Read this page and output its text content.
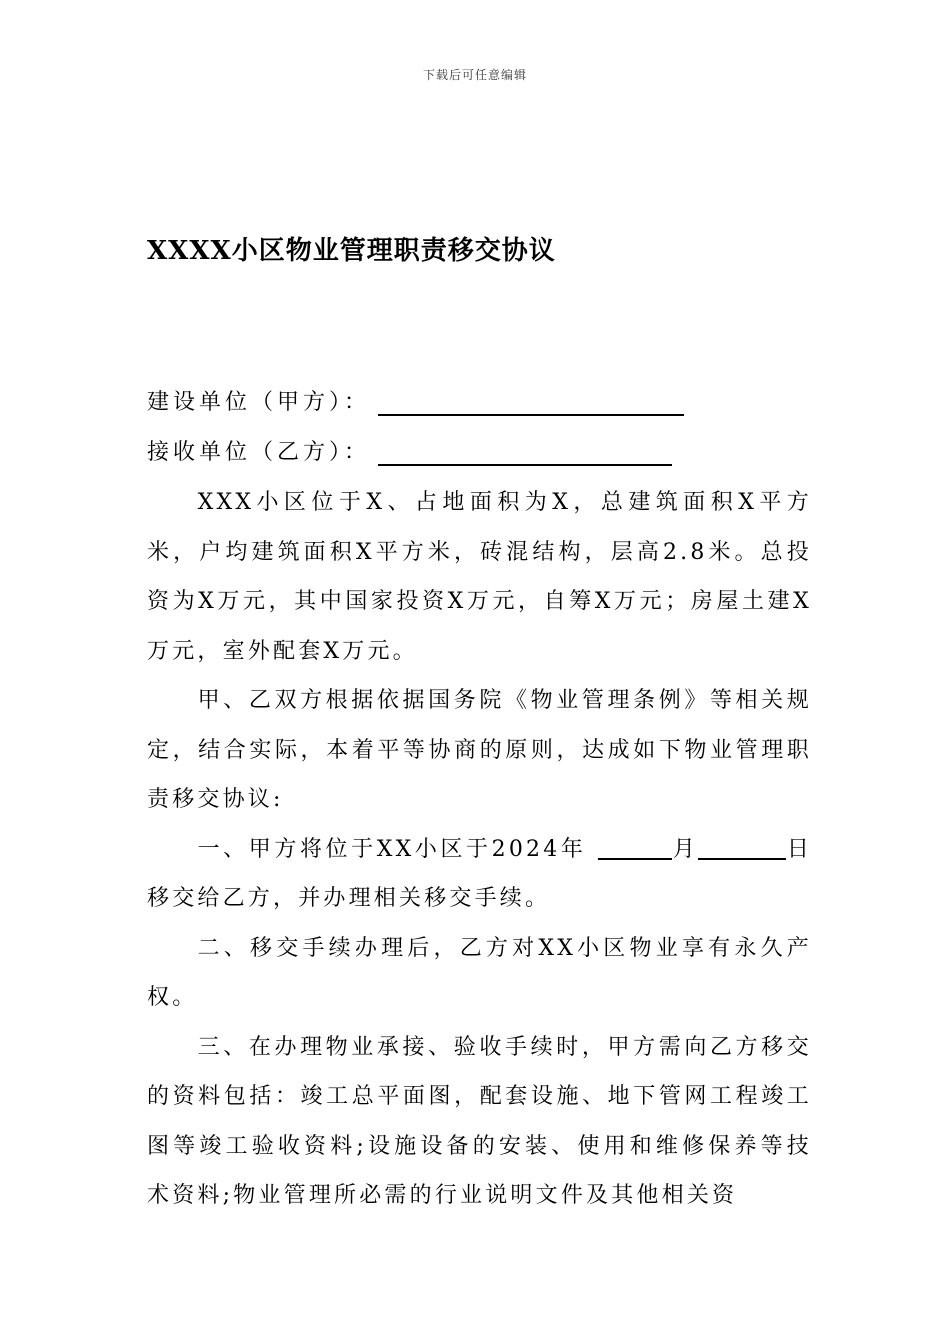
下载后可任意编辑
XXXX小区物业管理职责移交协议
建设单位（甲方）：
接收单位（乙方）：

XXX小区位于X、占地面积为X，总建筑面积X平方米，户均建筑面积X平方米，砖混结构，层高2.8米。总投资为X万元，其中国家投资X万元，自筹X万元；房屋土建X万元，室外配套X万元。

甲、乙双方根据依据国务院《物业管理条例》等相关规定，结合实际，本着平等协商的原则，达成如下物业管理职责移交协议:

一、甲方将位于XX小区于2024年	月	日移交给乙方，并办理相关移交手续。

二、移交手续办理后，乙方对XX小区物业享有永久产权。

三、在办理物业承接、验收手续时，甲方需向乙方移交的资料包括：竣工总平面图，配套设施、地下管网工程竣工图等竣工验收资料;设施设备的安装、使用和维修保养等技术资料;物业管理所必需的行业说明文件及其他相关资
